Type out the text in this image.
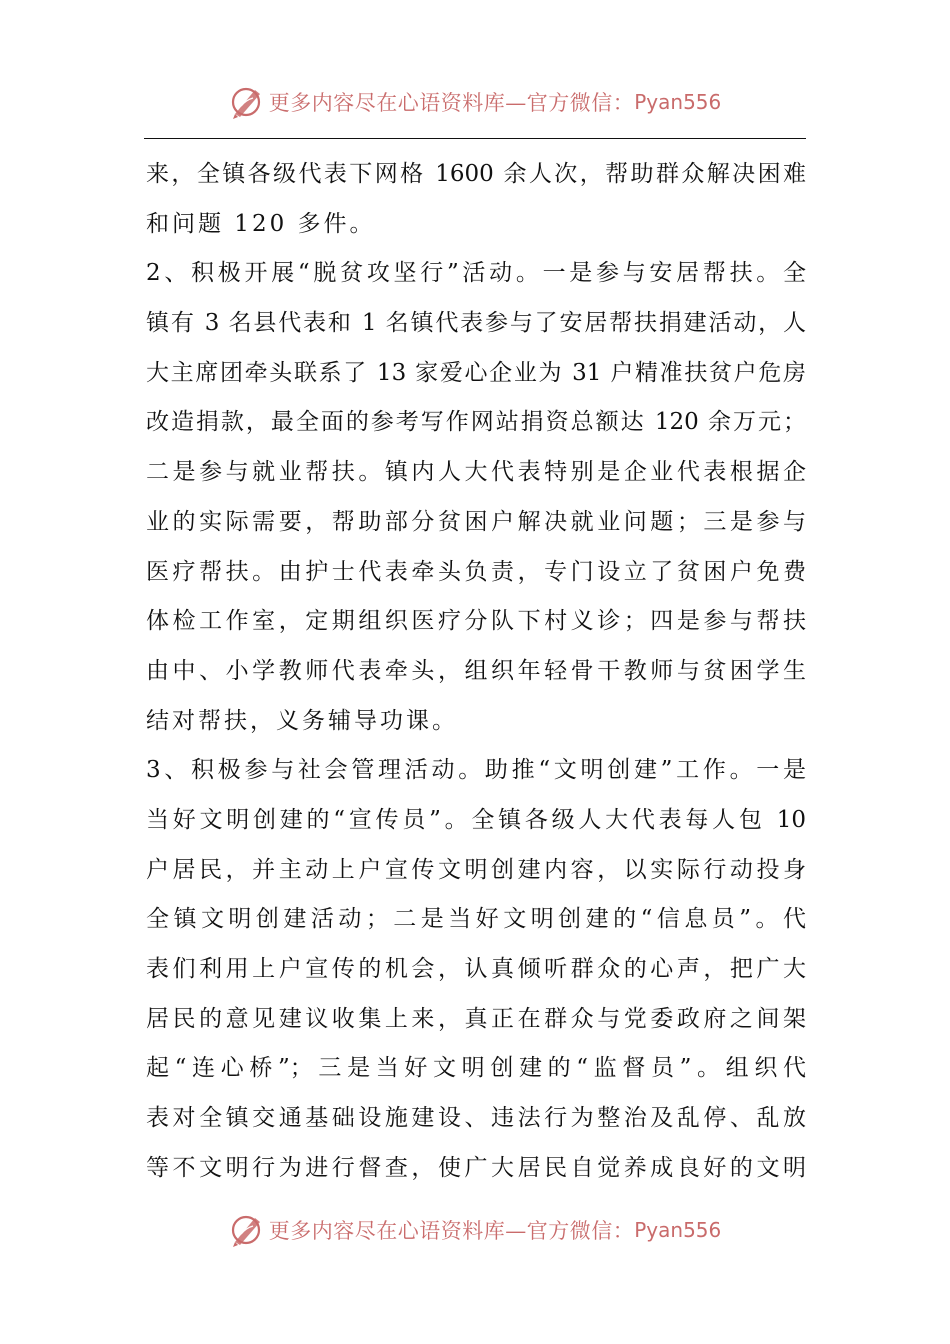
更多内容尽在心语资料库— 官方微信： Pyan556
来，全镇各级代表下网格 1600 余人次，帮助群众解决困难
和问题 120 多件。
2、积极开展“脱贫攻坚行”活动。一是参与安居帮扶。全
镇有 3 名县代表和 1 名镇代表参与了安居帮扶捐建活动，人
大主席团牵头联系了 13 家爱心企业为 31 户精准扶贫户危房
改造捐款，最全面的参考写作网站捐资总额达 120 余万元；
二是参与就业帮扶。镇内人大代表特别是企业代表根据企
业的实际需要，帮助部分贫困户解决就业问题；三是参与
医疗帮扶。由护士代表牵头负责，专门设立了贫困户免费
体检工作室，定期组织医疗分队下村义诊；四是参与帮扶
由中、小学教师代表牵头，组织年轻骨干教师与贫困学生
结对帮扶，义务辅导功课。
3、积极参与社会管理活动。助推“文明创建”工作。一是
当好文明创建的“宣传员”。全镇各级人大代表每人包 10
户居民，并主动上户宣传文明创建内容，以实际行动投身
全镇文明创建活动；二是当好文明创建的“信息员”。代
表们利用上户宣传的机会，认真倾听群众的心声，把广大
居民的意见建议收集上来，真正在群众与党委政府之间架
起“连心桥”；三是当好文明创建的“监督员”。组织代
表对全镇交通基础设施建设、违法行为整治及乱停、乱放
等不文明行为进行督查，使广大居民自觉养成良好的文明
更多内容尽在心语资料库— 官方微信： Pyan556
